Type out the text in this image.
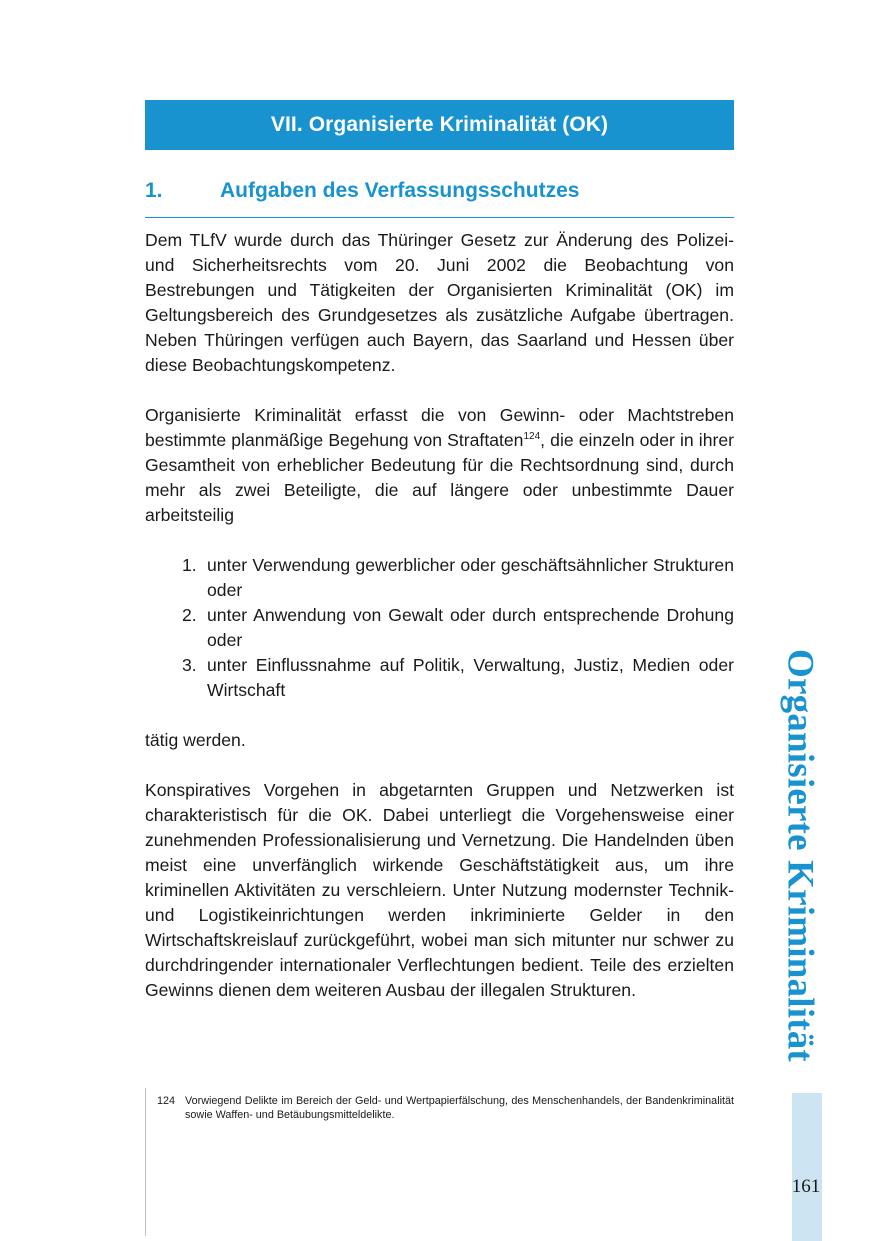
VII. Organisierte Kriminalität (OK)
1.	Aufgaben des Verfassungsschutzes

Dem TLfV wurde durch das Thüringer Gesetz zur Änderung des Polizei- und Sicherheitsrechts vom 20. Juni 2002 die Beobachtung von Bestrebungen und Tätigkeiten der Organisierten Kriminalität (OK) im Geltungsbereich des Grundgesetzes als zusätzliche Aufgabe übertragen. Neben Thüringen verfügen auch Bayern, das Saarland und Hessen über diese Beobachtungskompetenz.

Organisierte Kriminalität erfasst die von Gewinn- oder Machtstreben bestimmte planmäßige Begehung von Straftaten$^{124}$, die einzeln oder in ihrer Gesamtheit von erheblicher Bedeutung für die Rechtsordnung sind, durch mehr als zwei Beteiligte, die auf längere oder unbestimmte Dauer arbeitsteilig

1. unter Verwendung gewerblicher oder geschäftsähnlicher Strukturen oder
2. unter Anwendung von Gewalt oder durch entsprechende Drohung oder
3. unter Einflussnahme auf Politik, Verwaltung, Justiz, Medien oder Wirtschaft

tätig werden.

Konspiratives Vorgehen in abgetarnten Gruppen und Netzwerken ist charakteristisch für die OK. Dabei unterliegt die Vorgehensweise einer zunehmenden Professionalisierung und Vernetzung. Die Handelnden üben meist eine unverfänglich wirkende Geschäftstätigkeit aus, um ihre kriminellen Aktivitäten zu verschleiern. Unter Nutzung modernster Technik- und Logistikeinrichtungen werden inkriminierte Gelder in den Wirtschaftskreislauf zurückgeführt, wobei man sich mitunter nur schwer zu durchdringender internationaler Verflechtungen bedient. Teile des erzielten Gewinns dienen dem weiteren Ausbau der illegalen Strukturen.

124 Vorwiegend Delikte im Bereich der Geld- und Wertpapierfälschung, des Menschenhandels, der Bandenkriminalität sowie Waffen- und Betäubungsmitteldelikte.
Organisierte Kriminalität
161
